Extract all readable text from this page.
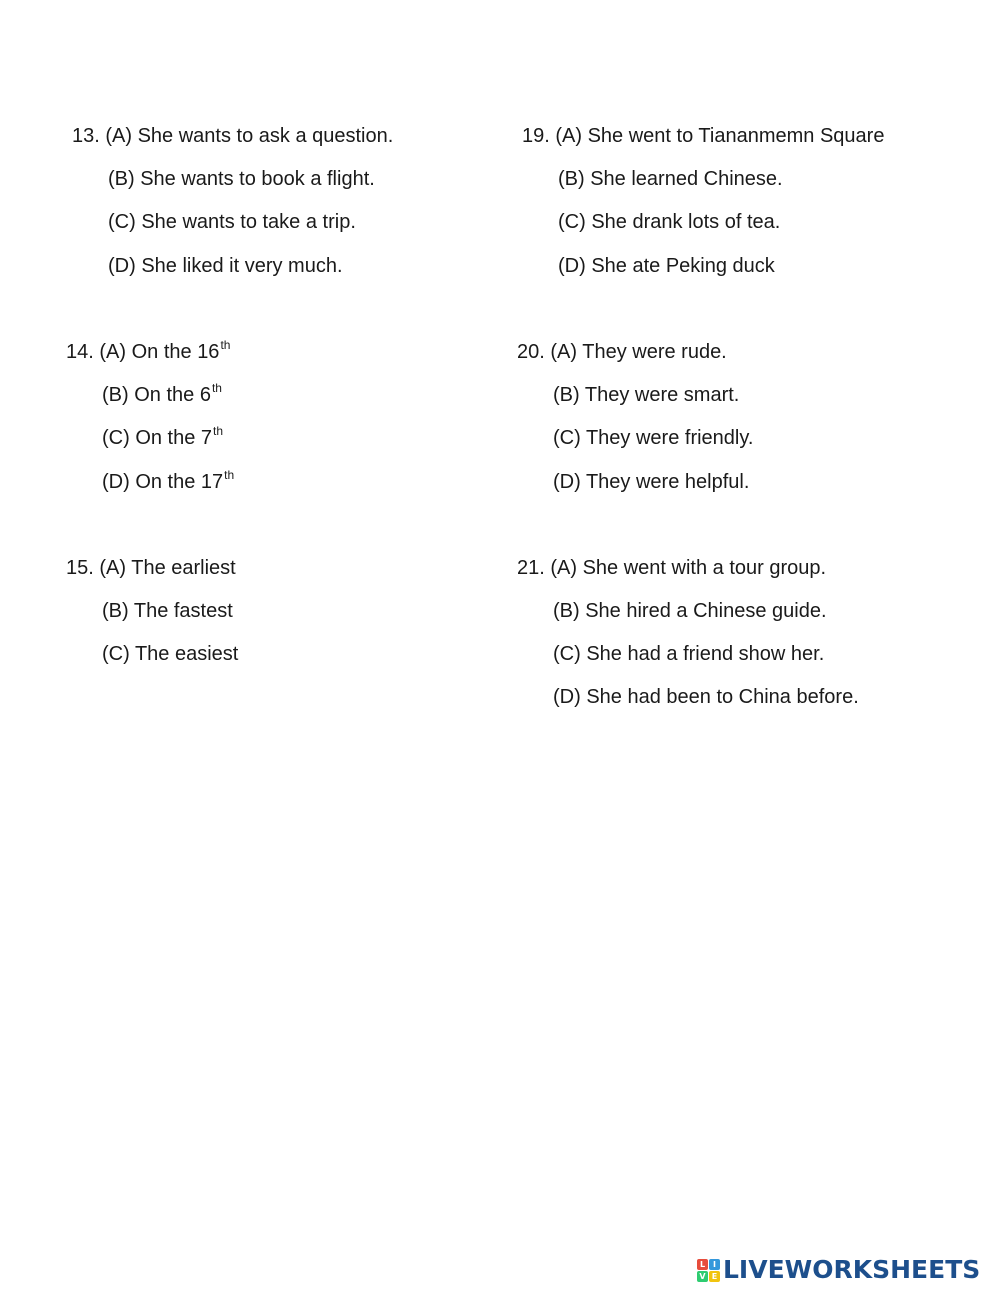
13. (A) She wants to ask a question.
(B) She wants to book a flight.
(C) She wants to take a trip.
(D) She liked it very much.
14. (A) On the 16th
(B) On the 6th
(C) On the 7th
(D) On the 17th
15. (A) The earliest
(B) The fastest
(C) The easiest
19. (A) She went to Tiananmemn Square
(B) She learned Chinese.
(C) She drank lots of tea.
(D) She ate Peking duck
20. (A) They were rude.
(B) They were smart.
(C) They were friendly.
(D) They were helpful.
21. (A) She went with a tour group.
(B) She hired a Chinese guide.
(C) She had a friend show her.
(D) She had been to China before.
L I
V E LIVEWORKSHEETS
